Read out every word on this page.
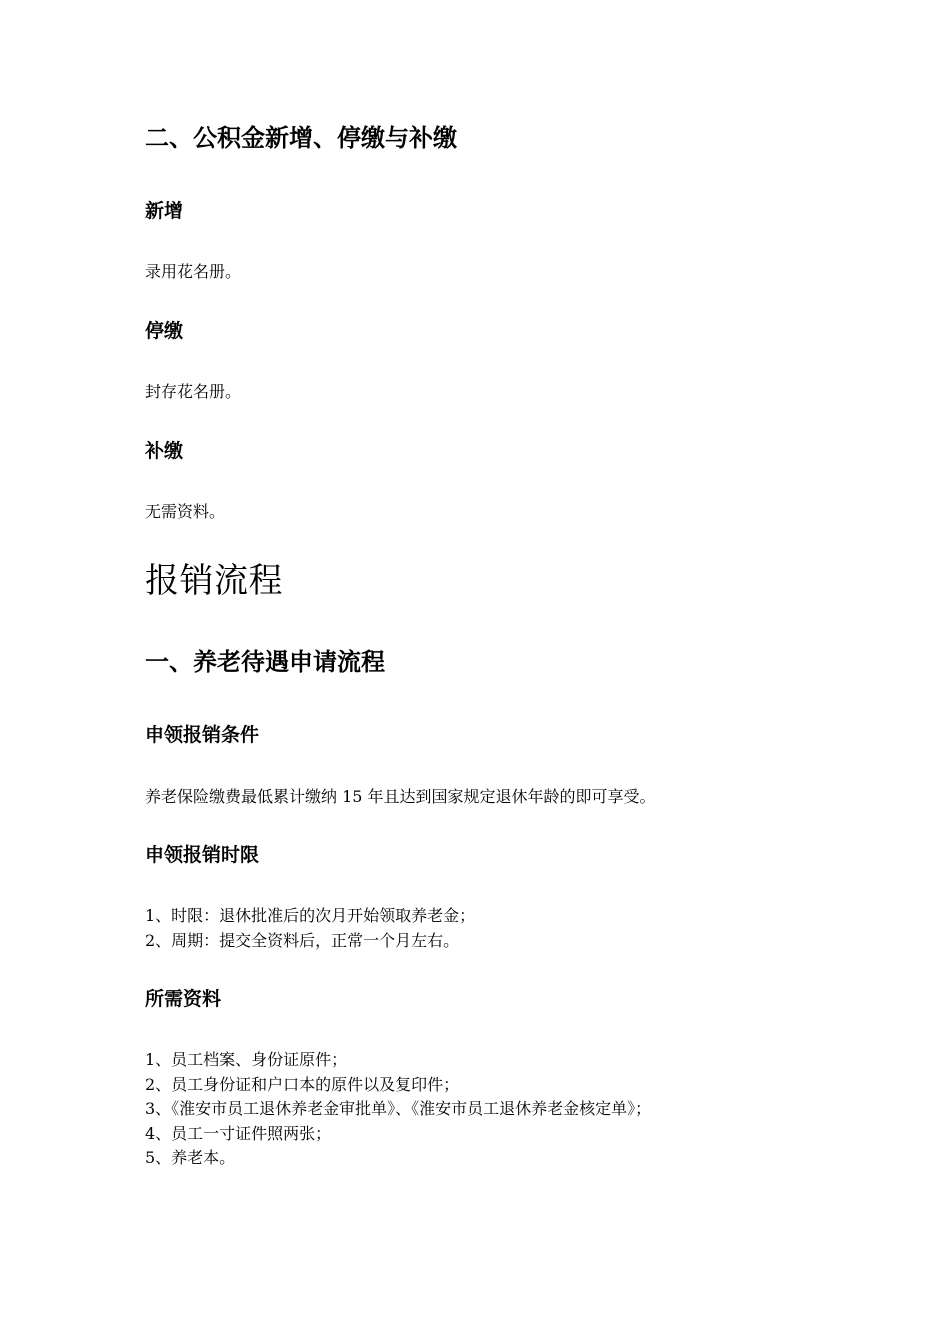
二、公积金新增、停缴与补缴
新增
录用花名册。
停缴
封存花名册。
补缴
无需资料。
报销流程
一、养老待遇申请流程
申领报销条件
养老保险缴费最低累计缴纳 15 年且达到国家规定退休年龄的即可享受。
申领报销时限
1、时限：退休批准后的次月开始领取养老金；
2、周期：提交全资料后，正常一个月左右。
所需资料
1、员工档案、身份证原件；
2、员工身份证和户口本的原件以及复印件；
3、《淮安市员工退休养老金审批单》、《淮安市员工退休养老金核定单》；
4、员工一寸证件照两张；
5、养老本。
